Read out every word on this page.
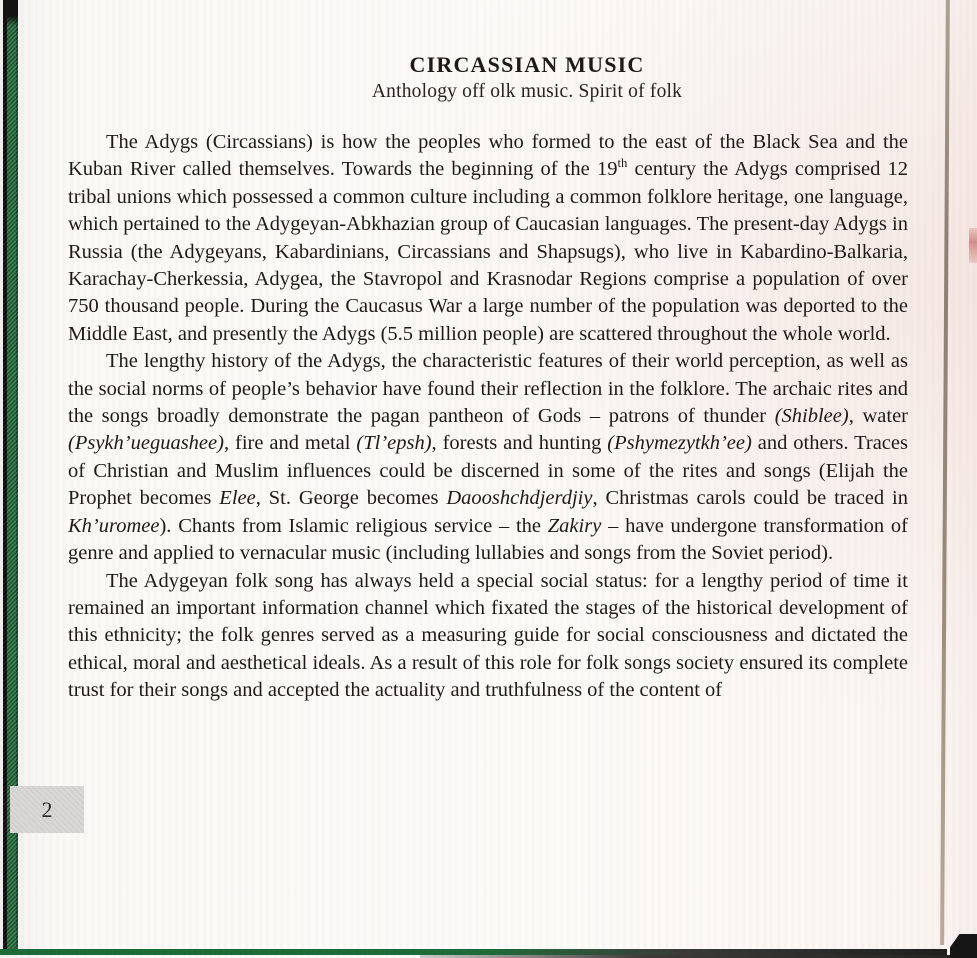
CIRCASSIAN MUSIC
Anthology off olk music. Spirit of folk

The Adygs (Circassians) is how the peoples who formed to the east of the Black Sea and the Kuban River called themselves. Towards the beginning of the 19th century the Adygs comprised 12 tribal unions which possessed a common culture including a common folklore heritage, one language, which pertained to the Adygeyan-Abkhazian group of Caucasian languages. The present-day Adygs in Russia (the Adygeyans, Kabardinians, Circassians and Shapsugs), who live in Kabardino-Balkaria, Karachay-Cherkessia, Adygea, the Stavropol and Krasnodar Regions comprise a population of over 750 thousand people. During the Caucasus War a large number of the population was deported to the Middle East, and presently the Adygs (5.5 million people) are scattered throughout the whole world.

The lengthy history of the Adygs, the characteristic features of their world perception, as well as the social norms of people’s behavior have found their reflection in the folklore. The archaic rites and the songs broadly demonstrate the pagan pantheon of Gods – patrons of thunder (Shiblee), water (Psykh’ueguashee), fire and metal (Tl’epsh), forests and hunting (Pshymezytkh’ee) and others. Traces of Christian and Muslim influences could be discerned in some of the rites and songs (Elijah the Prophet becomes Elee, St. George becomes Daooshchdjerdjiy, Christmas carols could be traced in Kh’uromee). Chants from Islamic religious service – the Zakiry – have undergone transformation of genre and applied to vernacular music (including lullabies and songs from the Soviet period).

The Adygeyan folk song has always held a special social status: for a lengthy period of time it remained an important information channel which fixated the stages of the historical development of this ethnicity; the folk genres served as a measuring guide for social consciousness and dictated the ethical, moral and aesthetical ideals. As a result of this role for folk songs society ensured its complete trust for their songs and accepted the actuality and truthfulness of the content of

2
